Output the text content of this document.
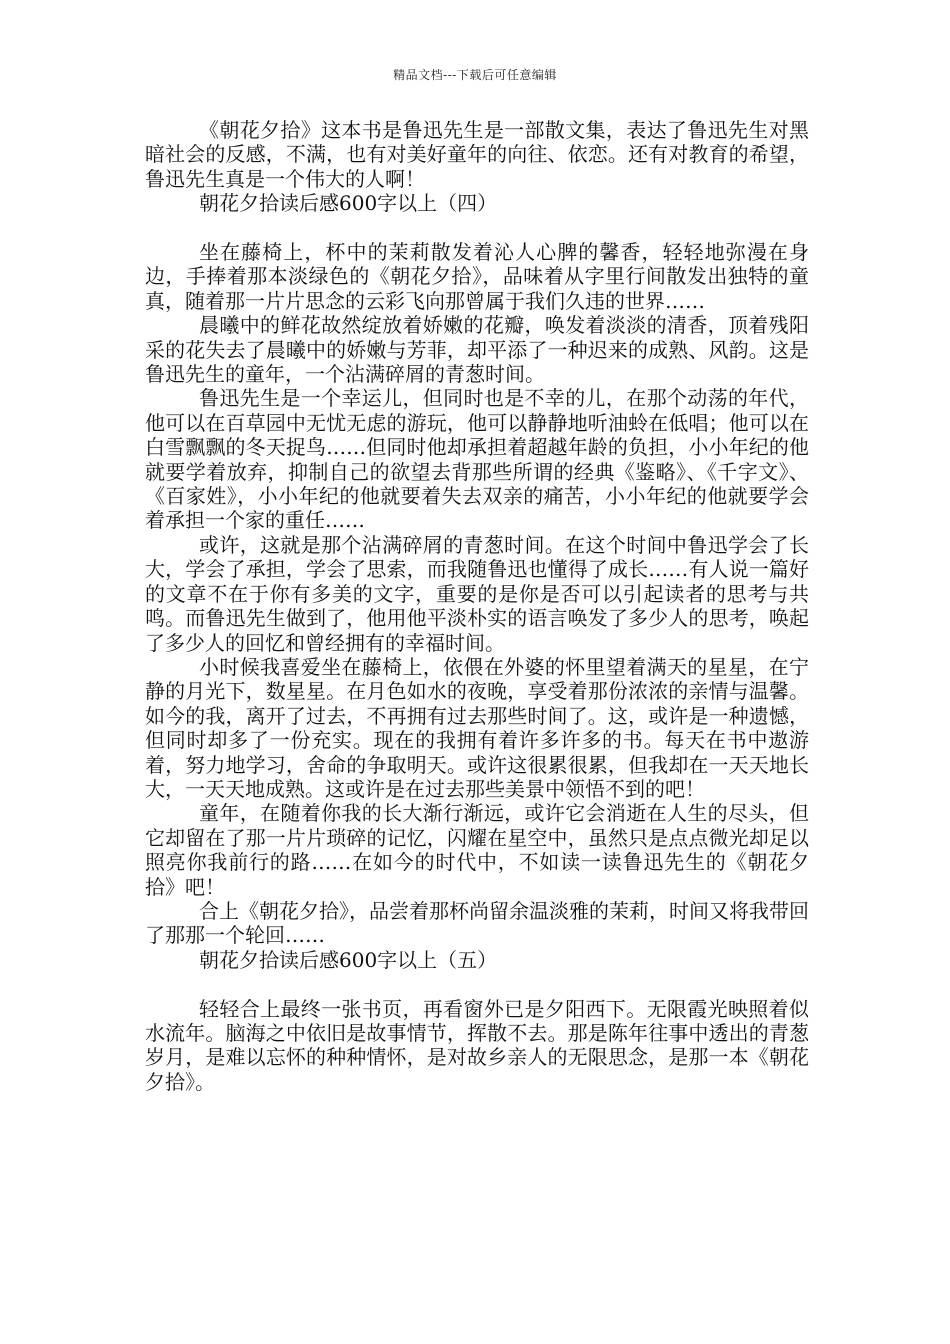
精品文档---下载后可任意编辑

《朝花夕拾》这本书是鲁迅先生是一部散文集，表达了鲁迅先生对黑暗社会的反感，不满，也有对美好童年的向往、依恋。还有对教育的希望，鲁迅先生真是一个伟大的人啊！

朝花夕拾读后感600字以上（四）

坐在藤椅上，杯中的茉莉散发着沁人心脾的馨香，轻轻地弥漫在身边，手捧着那本淡绿色的《朝花夕拾》，品味着从字里行间散发出独特的童真，随着那一片片思念的云彩飞向那曾属于我们久违的世界……

晨曦中的鲜花故然绽放着娇嫩的花瓣，唤发着淡淡的清香，顶着残阳采的花失去了晨曦中的娇嫩与芳菲，却平添了一种迟来的成熟、风韵。这是鲁迅先生的童年，一个沾满碎屑的青葱时间。

鲁迅先生是一个幸运儿，但同时也是不幸的儿，在那个动荡的年代，他可以在百草园中无忧无虑的游玩，他可以静静地听油蛉在低唱；他可以在白雪飘飘的冬天捉鸟……但同时他却承担着超越年龄的负担，小小年纪的他就要学着放弃，抑制自己的欲望去背那些所谓的经典《鉴略》、《千字文》、《百家姓》，小小年纪的他就要着失去双亲的痛苦，小小年纪的他就要学会着承担一个家的重任……

或许，这就是那个沾满碎屑的青葱时间。在这个时间中鲁迅学会了长大，学会了承担，学会了思索，而我随鲁迅也懂得了成长……有人说一篇好的文章不在于你有多美的文字，重要的是你是否可以引起读者的思考与共鸣。而鲁迅先生做到了，他用他平淡朴实的语言唤发了多少人的思考，唤起了多少人的回忆和曾经拥有的幸福时间。

小时候我喜爱坐在藤椅上，依偎在外婆的怀里望着满天的星星，在宁静的月光下，数星星。在月色如水的夜晚，享受着那份浓浓的亲情与温馨。如今的我，离开了过去，不再拥有过去那些时间了。这，或许是一种遗憾，但同时却多了一份充实。现在的我拥有着许多许多的书。每天在书中遨游着，努力地学习，舍命的争取明天。或许这很累很累，但我却在一天天地长大，一天天地成熟。这或许是在过去那些美景中领悟不到的吧！

童年，在随着你我的长大渐行渐远，或许它会消逝在人生的尽头，但它却留在了那一片片琐碎的记忆，闪耀在星空中，虽然只是点点微光却足以照亮你我前行的路……在如今的时代中，不如读一读鲁迅先生的《朝花夕拾》吧！

合上《朝花夕拾》，品尝着那杯尚留余温淡雅的茉莉，时间又将我带回了那那一个轮回……

朝花夕拾读后感600字以上（五）

轻轻合上最终一张书页，再看窗外已是夕阳西下。无限霞光映照着似水流年。脑海之中依旧是故事情节，挥散不去。那是陈年往事中透出的青葱岁月，是难以忘怀的种种情怀，是对故乡亲人的无限思念，是那一本《朝花夕拾》。
